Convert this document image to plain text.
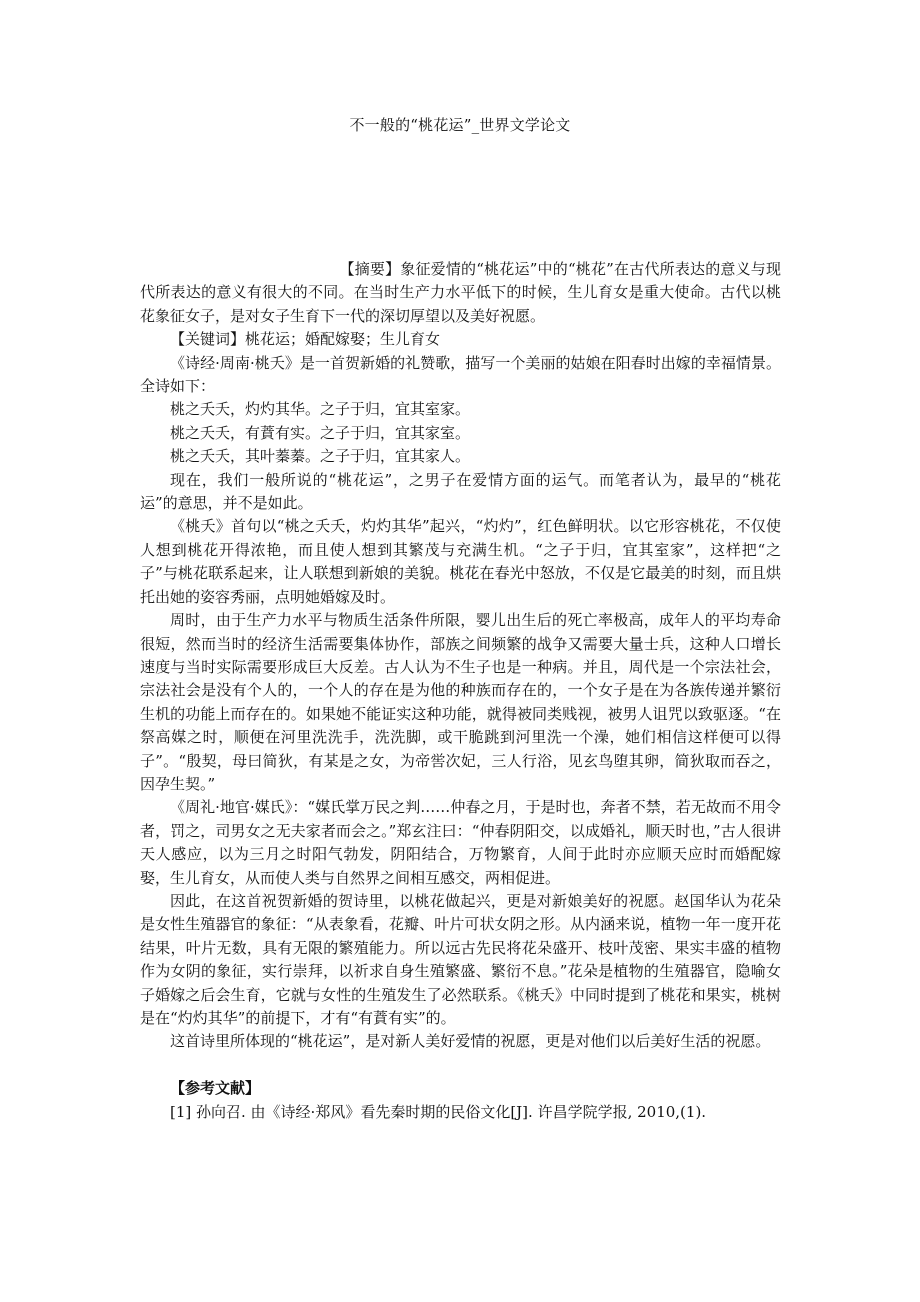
不一般的“桃花运”_世界文学论文

【摘要】象征爱情的“桃花运”中的“桃花”在古代所表达的意义与现代所表达的意义有很大的不同。在当时生产力水平低下的时候，生儿育女是重大使命。古代以桃花象征女子，是对女子生育下一代的深切厚望以及美好祝愿。

【关键词】桃花运；婚配嫁娶；生儿育女

《诗经·周南·桃夭》是一首贺新婚的礼赞歌，描写一个美丽的姑娘在阳春时出嫁的幸福情景。全诗如下：

桃之夭夭，灼灼其华。之子于归，宜其室家。

桃之夭夭，有蕡有实。之子于归，宜其家室。

桃之夭夭，其叶蓁蓁。之子于归，宜其家人。

现在，我们一般所说的“桃花运”，之男子在爱情方面的运气。而笔者认为，最早的“桃花运”的意思，并不是如此。

《桃夭》首句以“桃之夭夭，灼灼其华”起兴，“灼灼”，红色鲜明状。以它形容桃花，不仅使人想到桃花开得浓艳，而且使人想到其繁茂与充满生机。“之子于归，宜其室家”，这样把“之子”与桃花联系起来，让人联想到新娘的美貌。桃花在春光中怒放，不仅是它最美的时刻，而且烘托出她的姿容秀丽，点明她婚嫁及时。

周时，由于生产力水平与物质生活条件所限，婴儿出生后的死亡率极高，成年人的平均寿命很短，然而当时的经济生活需要集体协作，部族之间频繁的战争又需要大量士兵，这种人口增长速度与当时实际需要形成巨大反差。古人认为不生子也是一种病。并且，周代是一个宗法社会，宗法社会是没有个人的，一个人的存在是为他的种族而存在的，一个女子是在为各族传递并繁衍生机的功能上而存在的。如果她不能证实这种功能，就得被同类贱视，被男人诅咒以致驱逐。“在祭高媒之时，顺便在河里洗洗手，洗洗脚，或干脆跳到河里洗一个澡，她们相信这样便可以得子”。“殷契，母曰简狄，有某是之女，为帝喾次妃，三人行浴，见玄鸟堕其卵，简狄取而吞之，因孕生契。”

《周礼·地官·媒氏》：“媒氏掌万民之判……仲春之月，于是时也，奔者不禁，若无故而不用令者，罚之，司男女之无夫家者而会之。”郑玄注曰：“仲春阴阳交，以成婚礼，顺天时也，”古人很讲天人感应，以为三月之时阳气勃发，阴阳结合，万物繁育，人间于此时亦应顺天应时而婚配嫁娶，生儿育女，从而使人类与自然界之间相互感交，两相促进。

因此，在这首祝贺新婚的贺诗里，以桃花做起兴，更是对新娘美好的祝愿。赵国华认为花朵是女性生殖器官的象征：“从表象看，花瓣、叶片可状女阴之形。从内涵来说，植物一年一度开花结果，叶片无数，具有无限的繁殖能力。所以远古先民将花朵盛开、枝叶茂密、果实丰盛的植物作为女阴的象征，实行崇拜，以祈求自身生殖繁盛、繁衍不息。”花朵是植物的生殖器官，隐喻女子婚嫁之后会生育，它就与女性的生殖发生了必然联系。《桃夭》中同时提到了桃花和果实，桃树是在“灼灼其华”的前提下，才有“有蕡有实”的。

这首诗里所体现的“桃花运”，是对新人美好爱情的祝愿，更是对他们以后美好生活的祝愿。

【参考文献】

[1] 孙向召. 由《诗经·郑风》看先秦时期的民俗文化[J]. 许昌学院学报, 2010,(1).
